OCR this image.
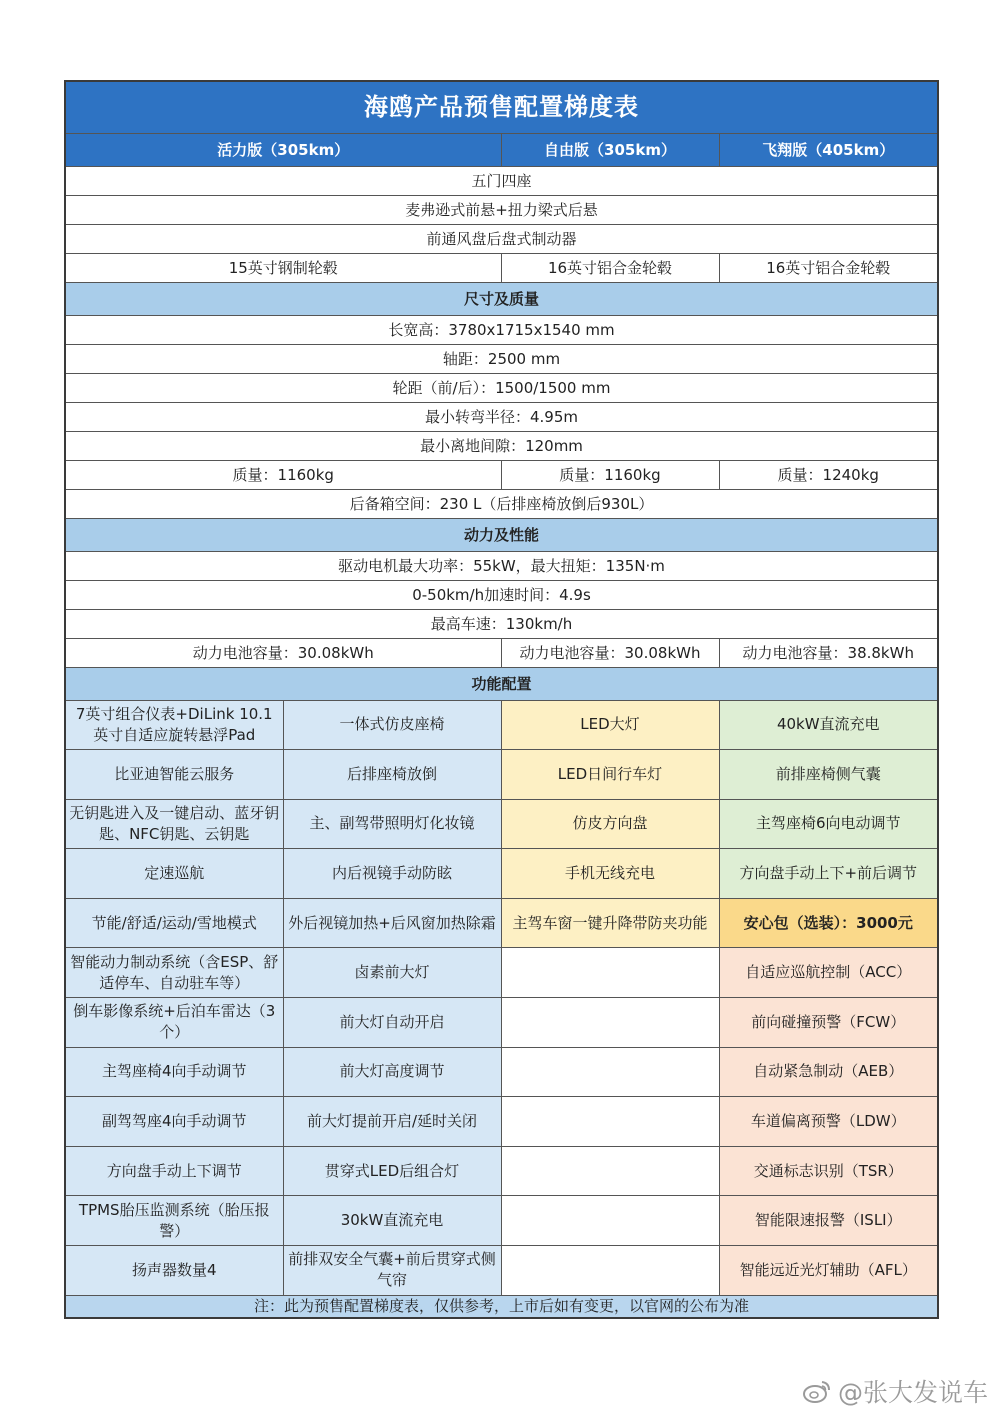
海鸥产品预售配置梯度表			
活力版（305km）		自由版（305km）	飞翔版（405km）
五门四座			
麦弗逊式前悬+扭力梁式后悬			
前通风盘后盘式制动器			
15英寸钢制轮毂		16英寸铝合金轮毂	16英寸铝合金轮毂
尺寸及质量			
长宽高：3780x1715x1540 mm			
轴距：2500 mm			
轮距（前/后）：1500/1500 mm			
最小转弯半径：4.95m			
最小离地间隙：120mm			
质量：1160kg		质量：1160kg	质量：1240kg
后备箱空间：230 L（后排座椅放倒后930L）			
动力及性能			
驱动电机最大功率：55kW，最大扭矩：135N·m			
0-50km/h加速时间：4.9s			
最高车速：130km/h			
动力电池容量：30.08kWh		动力电池容量：30.08kWh	动力电池容量：38.8kWh
功能配置			
7英寸组合仪表+DiLink 10.1英寸自适应旋转悬浮Pad	一体式仿皮座椅	LED大灯	40kW直流充电
比亚迪智能云服务	后排座椅放倒	LED日间行车灯	前排座椅侧气囊
无钥匙进入及一键启动、蓝牙钥匙、NFC钥匙、云钥匙	主、副驾带照明灯化妆镜	仿皮方向盘	主驾座椅6向电动调节
定速巡航	内后视镜手动防眩	手机无线充电	方向盘手动上下+前后调节
节能/舒适/运动/雪地模式	外后视镜加热+后风窗加热除霜	主驾车窗一键升降带防夹功能	安心包（选装）：3000元
智能动力制动系统（含ESP、舒适停车、自动驻车等）	卤素前大灯		自适应巡航控制（ACC）
倒车影像系统+后泊车雷达（3个）	前大灯自动开启		前向碰撞预警（FCW）
主驾座椅4向手动调节	前大灯高度调节		自动紧急制动（AEB）
副驾驾座4向手动调节	前大灯提前开启/延时关闭		车道偏离预警（LDW）
方向盘手动上下调节	贯穿式LED后组合灯		交通标志识别（TSR）
TPMS胎压监测系统（胎压报警）	30kW直流充电		智能限速报警（ISLI）
扬声器数量4	前排双安全气囊+前后贯穿式侧气帘		智能远近光灯辅助（AFL）
注：此为预售配置梯度表，仅供参考，上市后如有变更，以官网的公布为准			
@张大发说车
